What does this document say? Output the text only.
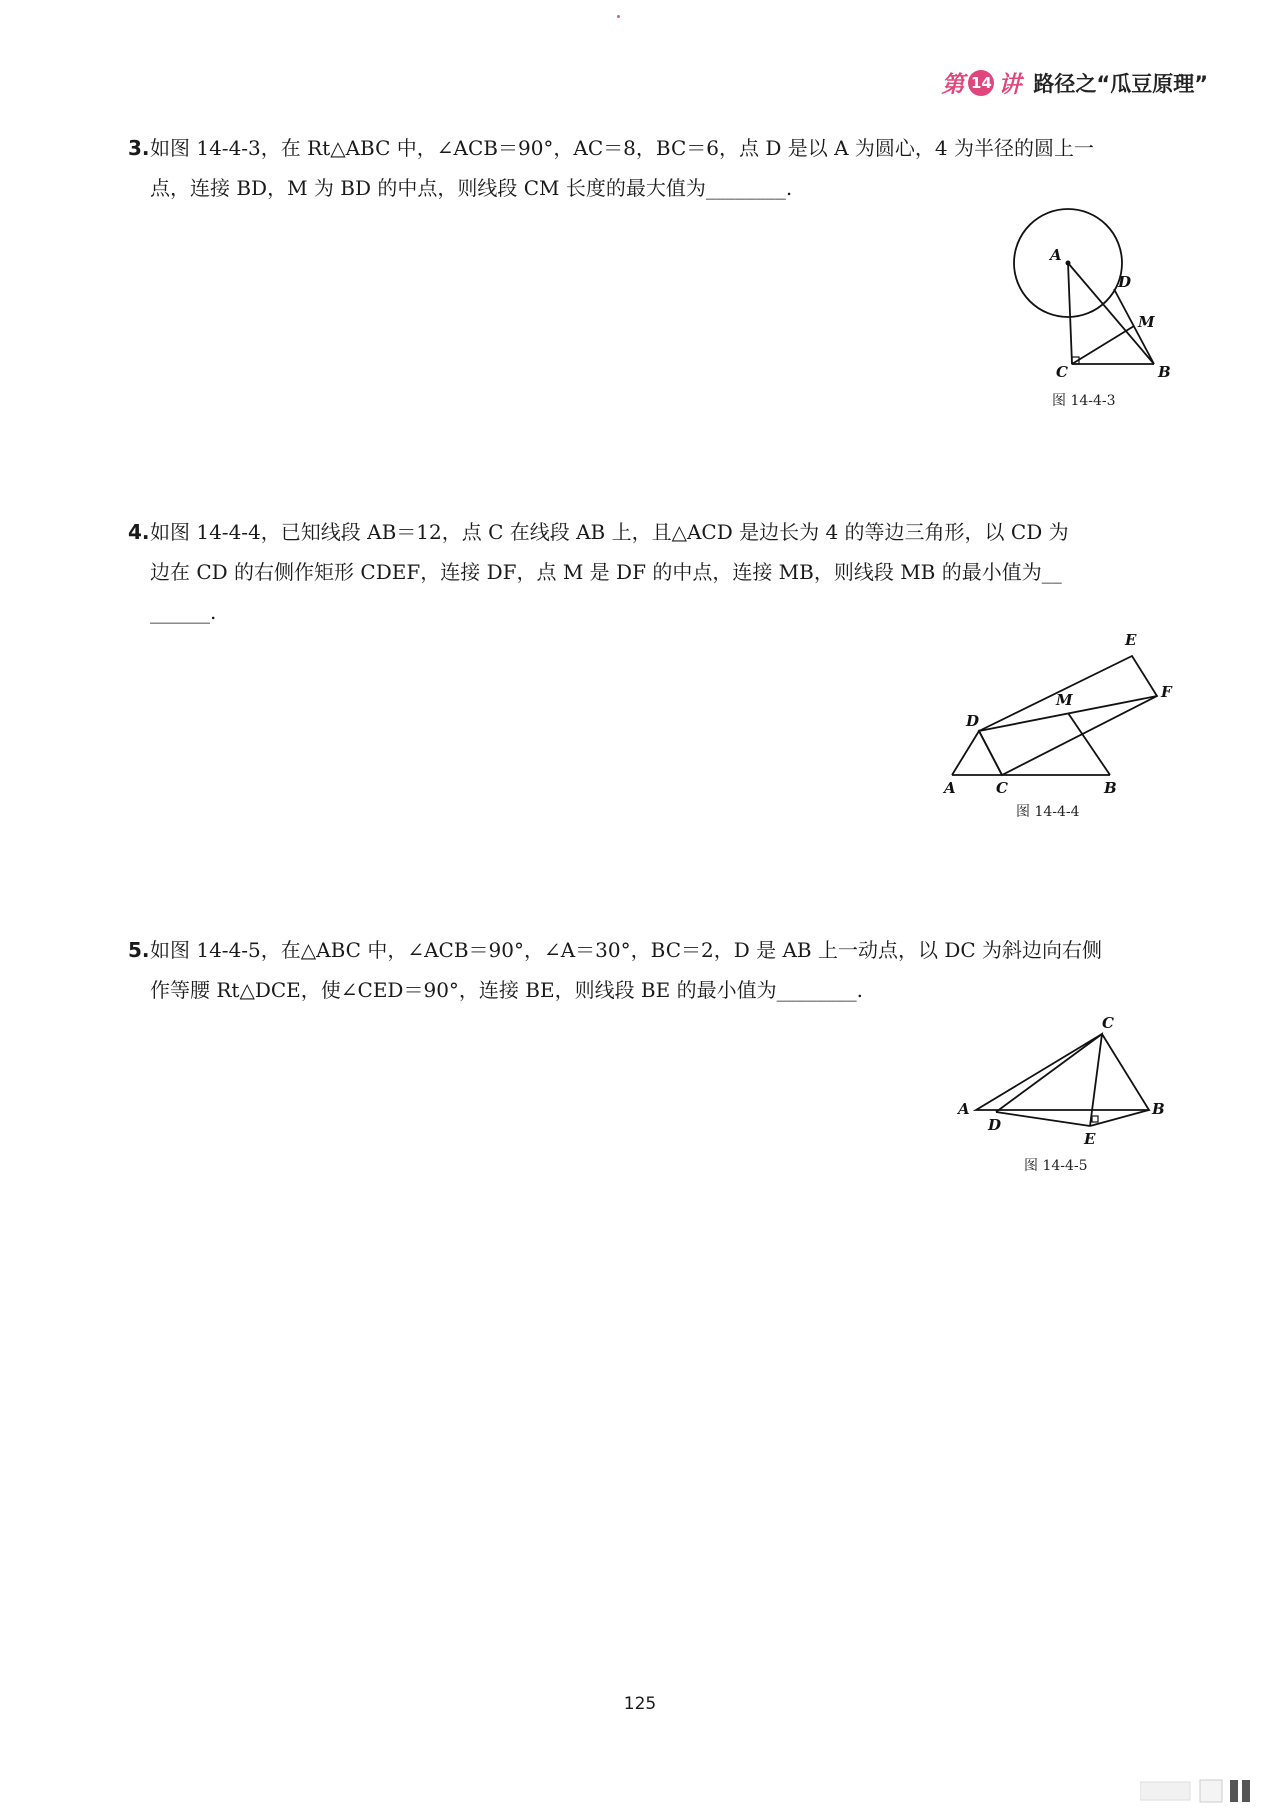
第 14 讲 路径之“瓜豆原理”
3. 如图 14-4-3，在 Rt△ABC 中，∠ACB＝90°，AC＝8，BC＝6，点 D 是以 A 为圆心，4 为半径的圆上一
点，连接 BD，M 为 BD 的中点，则线段 CM 长度的最大值为________.
A
D
M
C	B
图 14-4-3
4. 如图 14-4-4，已知线段 AB＝12，点 C 在线段 AB 上，且△ACD 是边长为 4 的等边三角形，以 CD 为
边在 CD 的右侧作矩形 CDEF，连接 DF，点 M 是 DF 的中点，连接 MB，则线段 MB 的最小值为__
______.
E
F
M
D
A	C	B
图 14-4-4
5. 如图 14-4-5，在△ABC 中，∠ACB＝90°，∠A＝30°，BC＝2，D 是 AB 上一动点，以 DC 为斜边向右侧
作等腰 Rt△DCE，使∠CED＝90°，连接 BE，则线段 BE 的最小值为________.
C
A
D
E
B
图 14-4-5
125
